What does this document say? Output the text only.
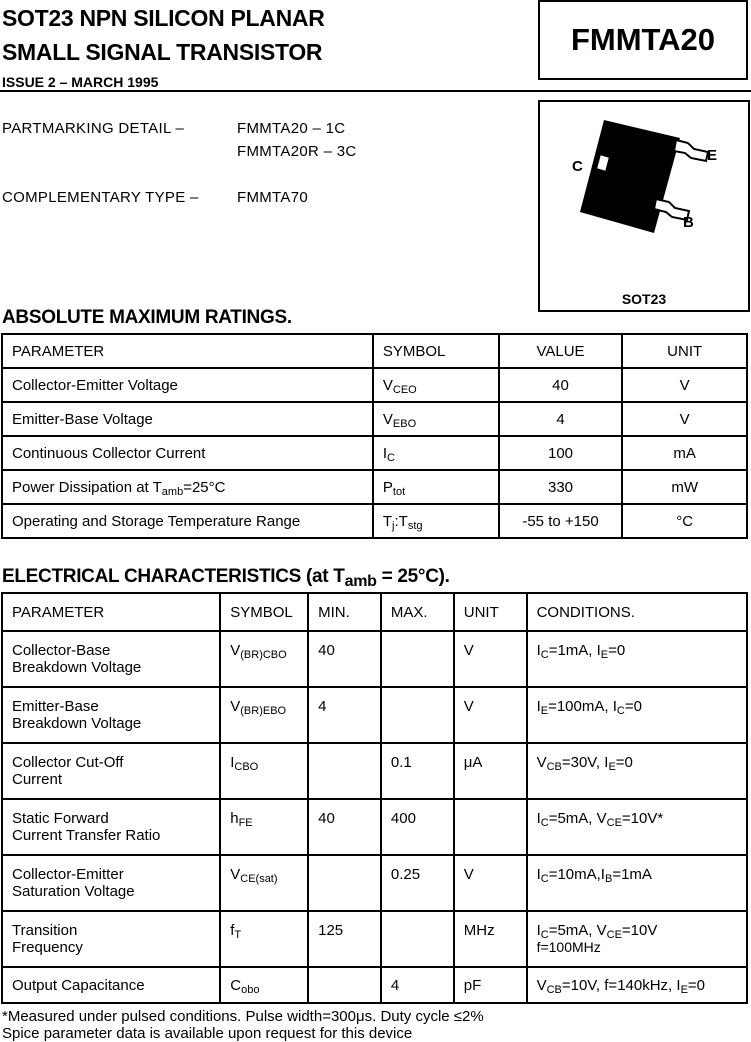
SOT23 NPN SILICON PLANAR
SMALL SIGNAL TRANSISTOR
ISSUE 2 – MARCH 1995
FMMTA20
PARTMARKING DETAIL –	FMMTA20 – 1C
FMMTA20R – 3C
COMPLEMENTARY TYPE –	FMMTA70
C
E
B
SOT23
ABSOLUTE MAXIMUM RATINGS.
PARAMETER	SYMBOL	VALUE	UNIT
Collector-Emitter Voltage	$V_{CEO}$	40	V
Emitter-Base Voltage	$V_{EBO}$	4	V
Continuous Collector Current	$I_C$	100	mA
Power Dissipation at $T_{amb}=25^\circ C$	$P_{tot}$	330	mW
Operating and Storage Temperature Range	$T_j:T_{stg}$	-55 to +150	°C
ELECTRICAL CHARACTERISTICS (at $T_{amb} = 25^\circ C$).
PARAMETER	SYMBOL	MIN.	MAX.	UNIT	CONDITIONS.
Collector-Base
Breakdown Voltage	$V_{(BR)CBO}$	40		V	$I_C=1mA$, $I_E=0$
Emitter-Base
Breakdown Voltage	$V_{(BR)EBO}$	4		V	$I_E=100mA$, $I_C=0$
Collector Cut-Off
Current	$I_{CBO}$		0.1	μA	$V_{CB}=30V$, $I_E=0$
Static Forward
Current Transfer Ratio	$h_{FE}$	40	400		$I_C=5mA$, $V_{CE}=10V*$
Collector-Emitter
Saturation Voltage	$V_{CE(sat)}$		0.25	V	$I_C=10mA,I_B=1mA$
Transition
Frequency	$f_T$	125		MHz	$I_C=5mA$, $V_{CE}=10V$
f=100MHz
Output Capacitance	$C_{obo}$		4	pF	$V_{CB}=10V$, f=140kHz, $I_E=0$
*Measured under pulsed conditions. Pulse width=300μs. Duty cycle ≤2%
Spice parameter data is available upon request for this device
